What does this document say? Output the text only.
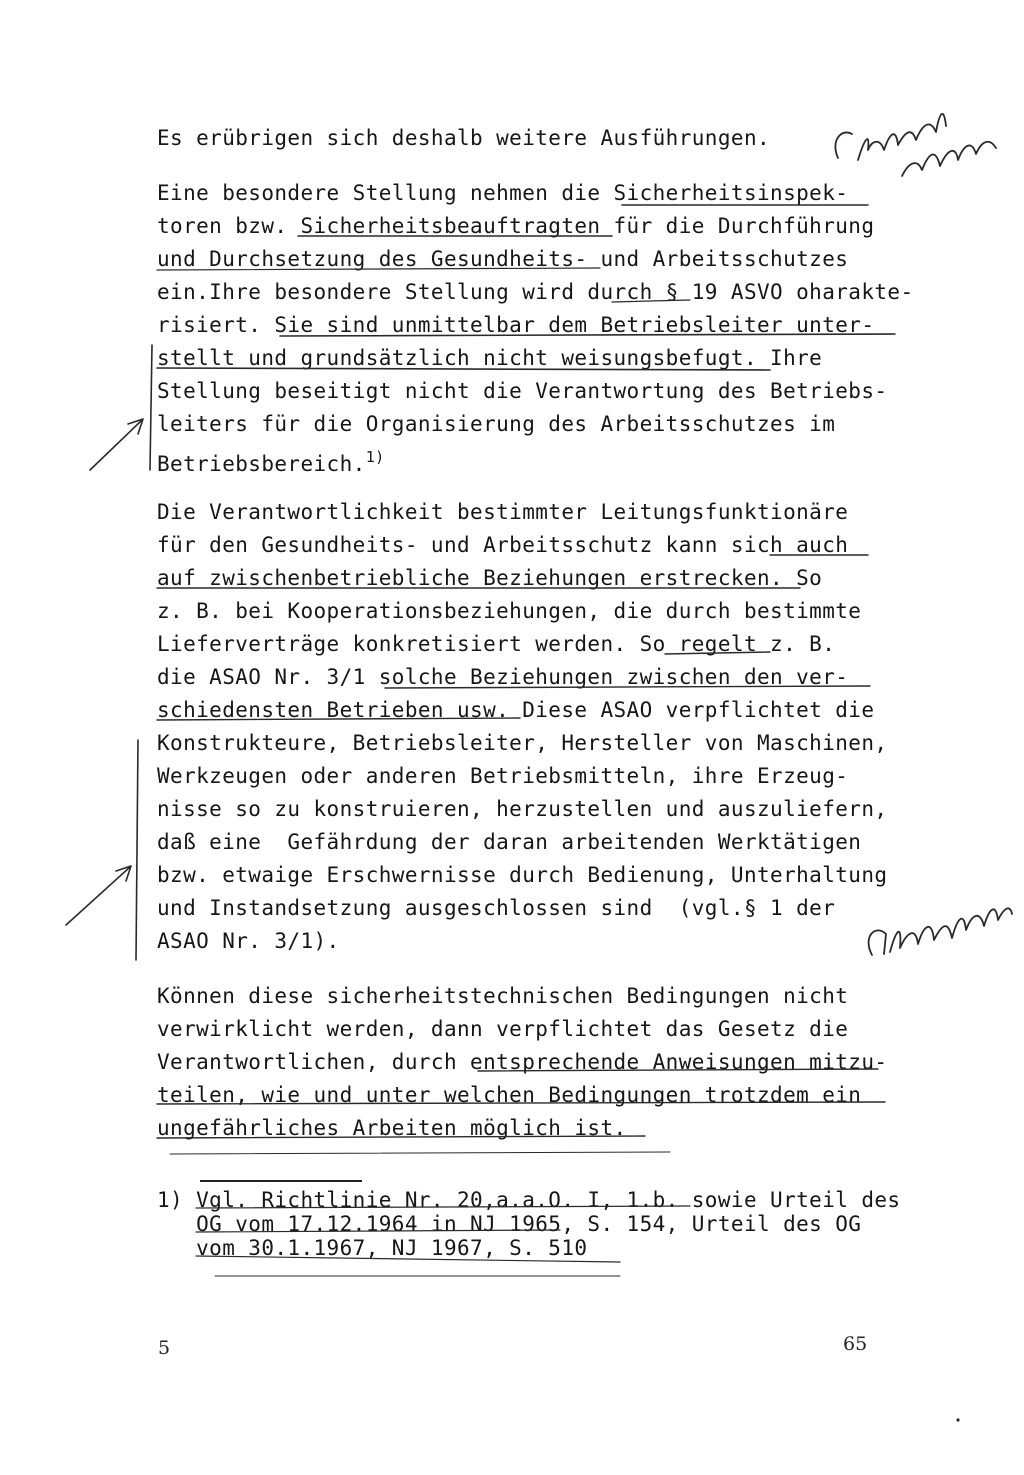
Es erübrigen sich deshalb weitere Ausführungen.
Eine besondere Stellung nehmen die Sicherheitsinspek-
toren bzw. Sicherheitsbeauftragten für die Durchführung
und Durchsetzung des Gesundheits- und Arbeitsschutzes
ein.Ihre besondere Stellung wird durch § 19 ASVO oharakte-
risiert. Sie sind unmittelbar dem Betriebsleiter unter-
stellt und grundsätzlich nicht weisungsbefugt. Ihre
Stellung beseitigt nicht die Verantwortung des Betriebs-
leiters für die Organisierung des Arbeitsschutzes im
Betriebsbereich.$^{1)}$
Die Verantwortlichkeit bestimmter Leitungsfunktionäre
für den Gesundheits- und Arbeitsschutz kann sich auch
auf zwischenbetriebliche Beziehungen erstrecken. So
z. B. bei Kooperationsbeziehungen, die durch bestimmte
Lieferverträge konkretisiert werden. So regelt z. B.
die ASAO Nr. 3/1 solche Beziehungen zwischen den ver-
schiedensten Betrieben usw. Diese ASAO verpflichtet die
Konstrukteure, Betriebsleiter, Hersteller von Maschinen,
Werkzeugen oder anderen Betriebsmitteln, ihre Erzeug-
nisse so zu konstruieren, herzustellen und auszuliefern,
daß eine  Gefährdung der daran arbeitenden Werktätigen
bzw. etwaige Erschwernisse durch Bedienung, Unterhaltung
und Instandsetzung ausgeschlossen sind  (vgl.§ 1 der
ASAO Nr. 3/1).
Können diese sicherheitstechnischen Bedingungen nicht
verwirklicht werden, dann verpflichtet das Gesetz die
Verantwortlichen, durch entsprechende Anweisungen mitzu-
teilen, wie und unter welchen Bedingungen trotzdem ein
ungefährliches Arbeiten möglich ist.
1) Vgl. Richtlinie Nr. 20,a.a.O. I, 1.b. sowie Urteil des
OG vom 17.12.1964 in NJ 1965, S. 154, Urteil des OG
vom 30.1.1967, NJ 1967, S. 510
5	65
